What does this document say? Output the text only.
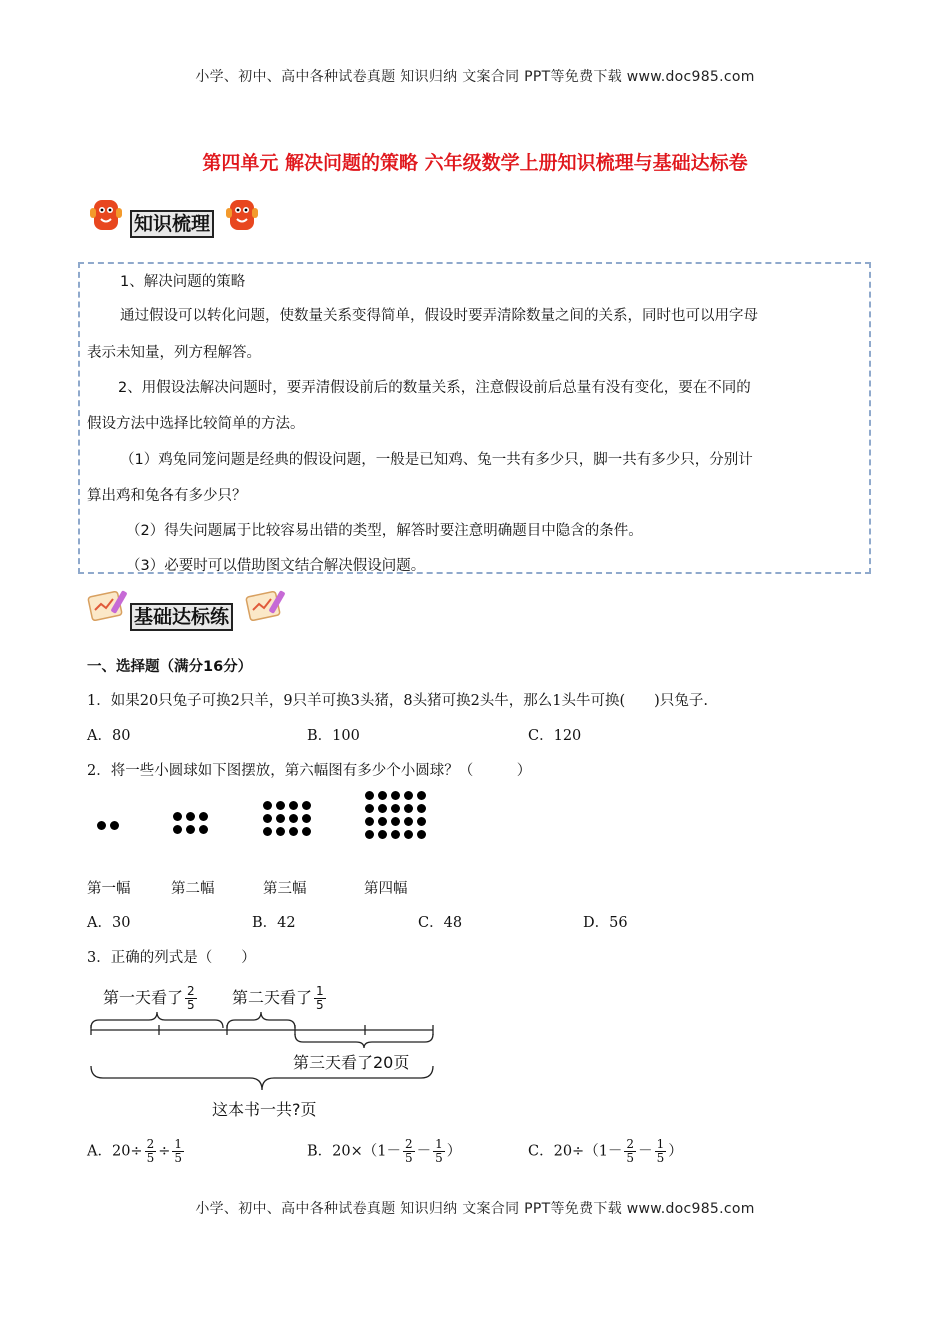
小学、初中、高中各种试卷真题 知识归纳 文案合同 PPT等免费下载 www.doc985.com
第四单元 解决问题的策略 六年级数学上册知识梳理与基础达标卷
知识梳理
1、解决问题的策略
通过假设可以转化问题，使数量关系变得简单，假设时要弄清除数量之间的关系，同时也可以用字母
表示未知量，列方程解答。
2、用假设法解决问题时，要弄清假设前后的数量关系，注意假设前后总量有没有变化，要在不同的
假设方法中选择比较简单的方法。
（1）鸡兔同笼问题是经典的假设问题，一般是已知鸡、兔一共有多少只，脚一共有多少只，分别计
算出鸡和兔各有多少只？
（2）得失问题属于比较容易出错的类型，解答时要注意明确题目中隐含的条件。
（3）必要时可以借助图文结合解决假设问题。
基础达标练
一、选择题（满分16分）
1．如果20只兔子可换2只羊，9只羊可换3头猪，8头猪可换2头牛，那么1头牛可换(　　)只兔子.
A．80	B．100	C．120
2．将一些小圆球如下图摆放，第六幅图有多少个小圆球？（　　　）
第一幅	第二幅	第三幅	第四幅
A．30	B．42	C．48	D．56
3．正确的列式是（　　）
第一天看了 $\frac{2}{5}$ 第二天看了 $\frac{1}{5}$
第三天看了20页
这本书一共?页
A．$20\div \frac{2}{5} \div \frac{1}{5}$	B．$20\times(1- \frac{2}{5} - \frac{1}{5}$ ）	C．$20\div(1- \frac{2}{5} - \frac{1}{5}$ ）
小学、初中、高中各种试卷真题 知识归纳 文案合同 PPT等免费下载 www.doc985.com
